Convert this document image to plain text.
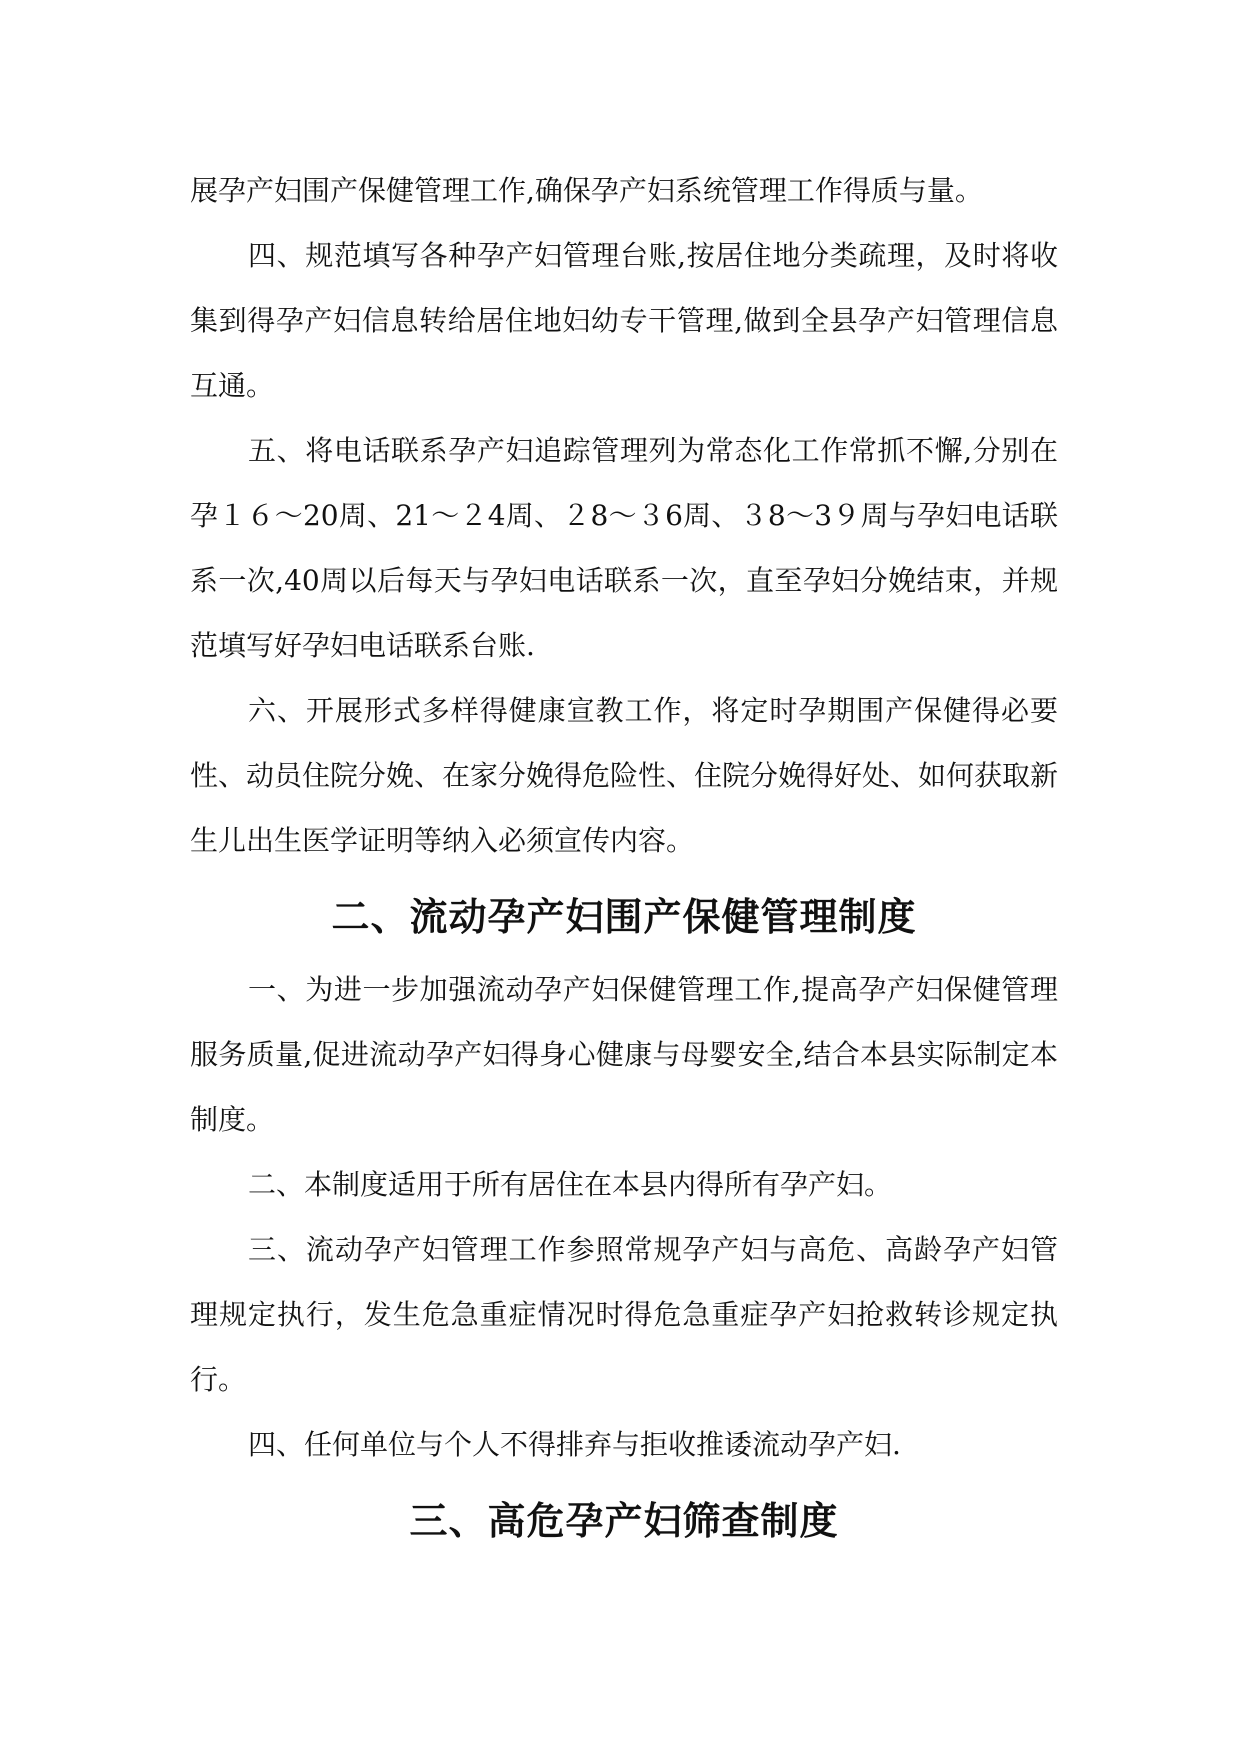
展孕产妇围产保健管理工作,确保孕产妇系统管理工作得质与量。

四、规范填写各种孕产妇管理台账,按居住地分类疏理，及时将收集到得孕产妇信息转给居住地妇幼专干管理,做到全县孕产妇管理信息互通。

五、将电话联系孕产妇追踪管理列为常态化工作常抓不懈,分别在孕１６～20周、21～２4周、２8～３6周、３8～3９周与孕妇电话联系一次,40周以后每天与孕妇电话联系一次，直至孕妇分娩结束，并规范填写好孕妇电话联系台账.

六、开展形式多样得健康宣教工作，将定时孕期围产保健得必要性、动员住院分娩、在家分娩得危险性、住院分娩得好处、如何获取新生儿出生医学证明等纳入必须宣传内容。

二、流动孕产妇围产保健管理制度

一、为进一步加强流动孕产妇保健管理工作,提高孕产妇保健管理服务质量,促进流动孕产妇得身心健康与母婴安全,结合本县实际制定本制度。

二、本制度适用于所有居住在本县内得所有孕产妇。

三、流动孕产妇管理工作参照常规孕产妇与高危、高龄孕产妇管理规定执行，发生危急重症情况时得危急重症孕产妇抢救转诊规定执行。

四、任何单位与个人不得排弃与拒收推诿流动孕产妇.

三、高危孕产妇筛查制度
